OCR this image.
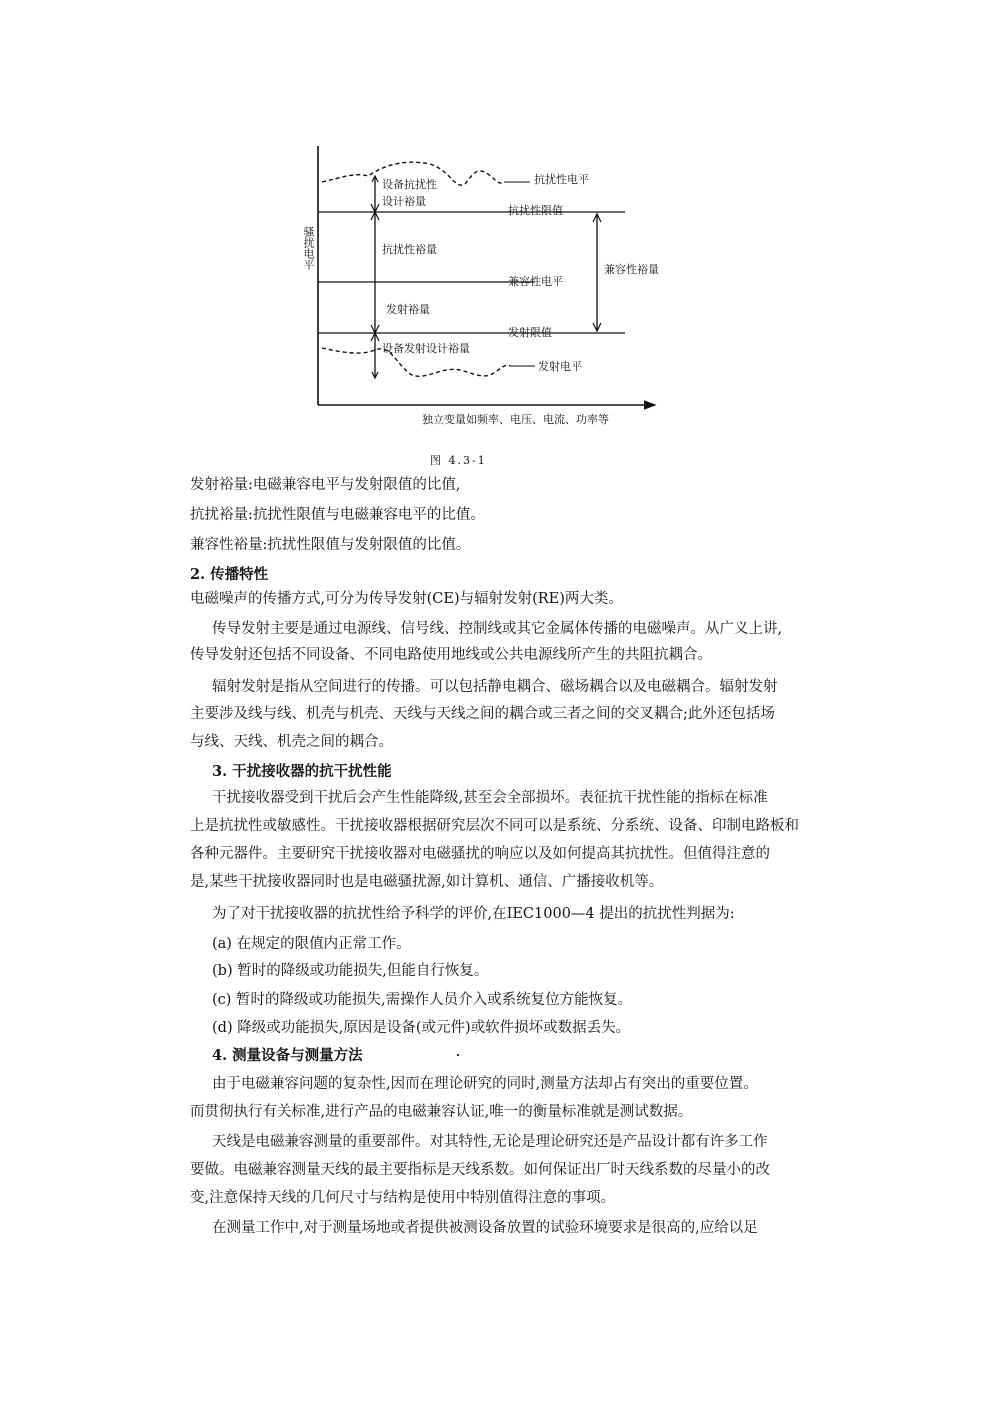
骚扰电平
设备抗扰性
设计裕量
抗扰性电平
抗扰性限值
抗扰性裕量
兼容性电平
兼容性裕量
发射裕量
发射限值
设备发射设计裕量
发射电平
独立变量如频率、电压、电流、功率等
图 4.3-1
发射裕量:电磁兼容电平与发射限值的比值,
抗扰裕量:抗扰性限值与电磁兼容电平的比值。
兼容性裕量:抗扰性限值与发射限值的比值。
2. 传播特性
电磁噪声的传播方式,可分为传导发射(CE)与辐射发射(RE)两大类。
传导发射主要是通过电源线、信号线、控制线或其它金属体传播的电磁噪声。从广义上讲,
传导发射还包括不同设备、不同电路使用地线或公共电源线所产生的共阻抗耦合。
辐射发射是指从空间进行的传播。可以包括静电耦合、磁场耦合以及电磁耦合。辐射发射
主要涉及线与线、机壳与机壳、天线与天线之间的耦合或三者之间的交叉耦合;此外还包括场
与线、天线、机壳之间的耦合。
3. 干扰接收器的抗干扰性能
干扰接收器受到干扰后会产生性能降级,甚至会全部损坏。表征抗干扰性能的指标在标准
上是抗扰性或敏感性。干扰接收器根据研究层次不同可以是系统、分系统、设备、印制电路板和
各种元器件。主要研究干扰接收器对电磁骚扰的响应以及如何提高其抗扰性。但值得注意的
是,某些干扰接收器同时也是电磁骚扰源,如计算机、通信、广播接收机等。
为了对干扰接收器的抗扰性给予科学的评价,在IEC1000—4 提出的抗扰性判据为:
(a) 在规定的限值内正常工作。
(b) 暂时的降级或功能损失,但能自行恢复。
(c) 暂时的降级或功能损失,需操作人员介入或系统复位方能恢复。
(d) 降级或功能损失,原因是设备(或元件)或软件损坏或数据丢失。
4. 测量设备与测量方法
由于电磁兼容问题的复杂性,因而在理论研究的同时,测量方法却占有突出的重要位置。
而贯彻执行有关标准,进行产品的电磁兼容认证,唯一的衡量标准就是测试数据。
天线是电磁兼容测量的重要部件。对其特性,无论是理论研究还是产品设计都有许多工作
要做。电磁兼容测量天线的最主要指标是天线系数。如何保证出厂时天线系数的尽量小的改
变,注意保持天线的几何尺寸与结构是使用中特别值得注意的事项。
在测量工作中,对于测量场地或者提供被测设备放置的试验环境要求是很高的,应给以足
